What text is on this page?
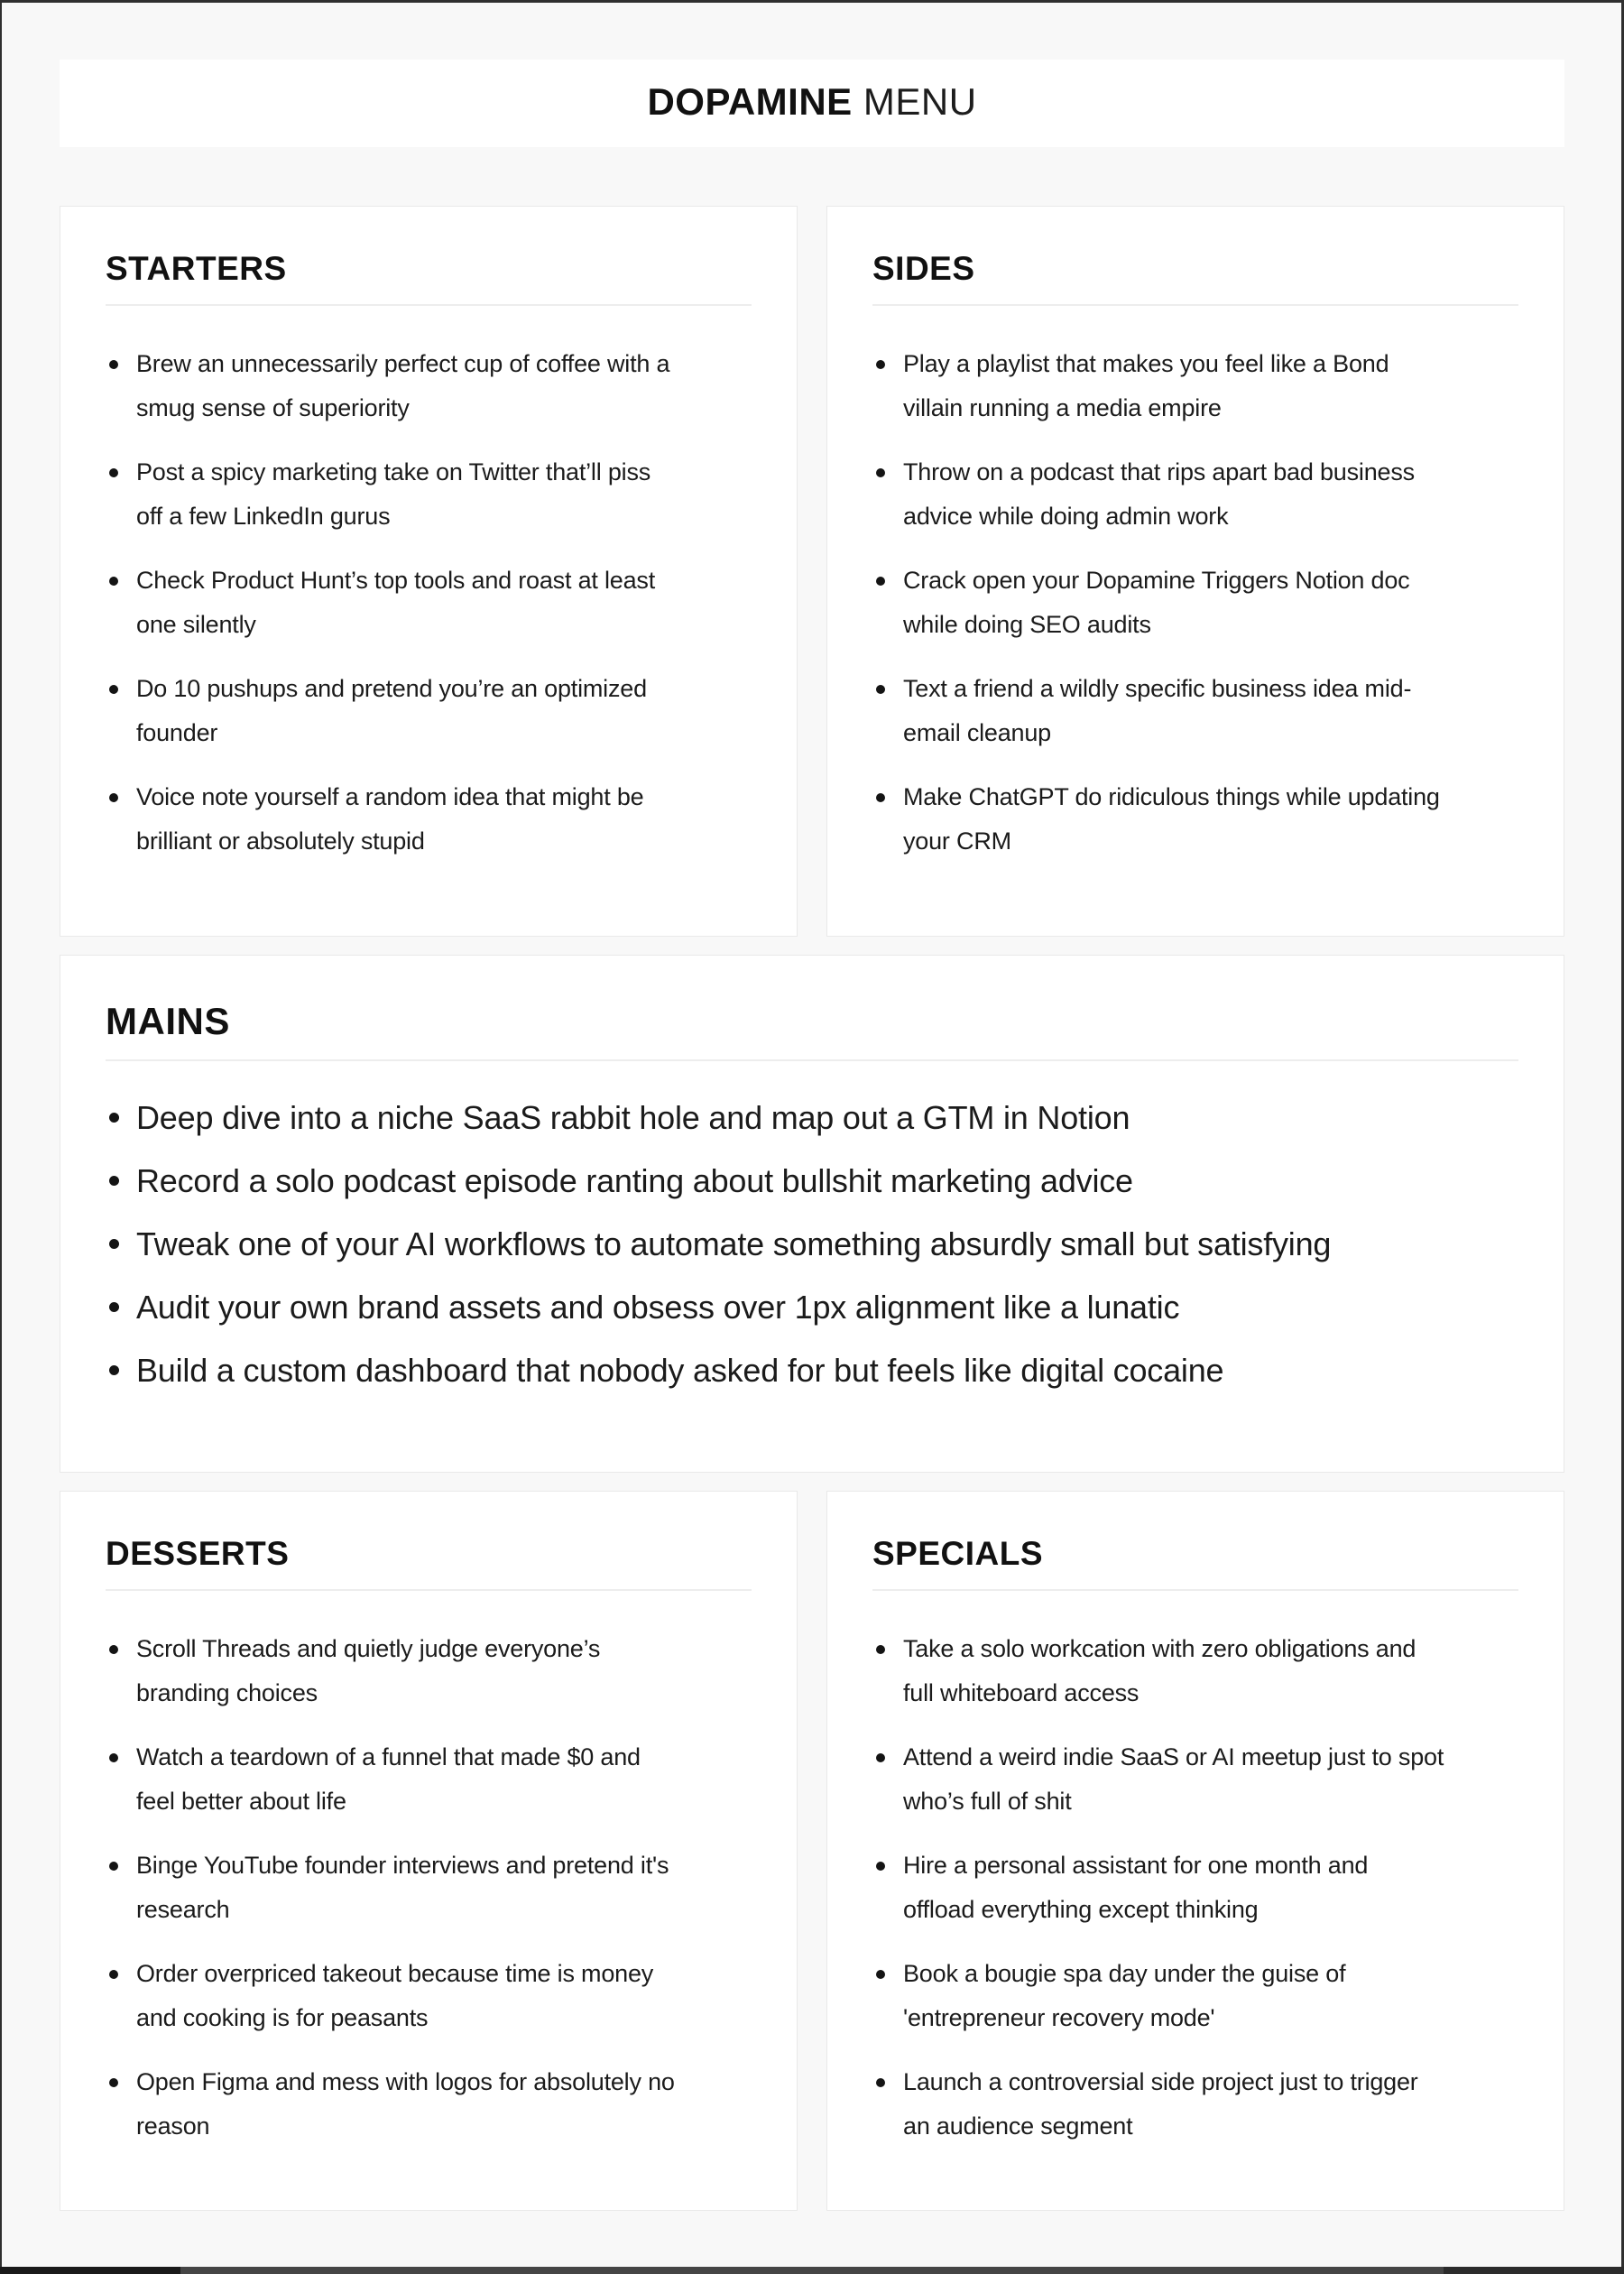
DOPAMINE MENU
STARTERS
Brew an unnecessarily perfect cup of coffee with a smug sense of superiority
Post a spicy marketing take on Twitter that’ll piss off a few LinkedIn gurus
Check Product Hunt’s top tools and roast at least one silently
Do 10 pushups and pretend you’re an optimized founder
Voice note yourself a random idea that might be brilliant or absolutely stupid
SIDES
Play a playlist that makes you feel like a Bond villain running a media empire
Throw on a podcast that rips apart bad business advice while doing admin work
Crack open your Dopamine Triggers Notion doc while doing SEO audits
Text a friend a wildly specific business idea mid-email cleanup
Make ChatGPT do ridiculous things while updating your CRM
MAINS
Deep dive into a niche SaaS rabbit hole and map out a GTM in Notion
Record a solo podcast episode ranting about bullshit marketing advice
Tweak one of your AI workflows to automate something absurdly small but satisfying
Audit your own brand assets and obsess over 1px alignment like a lunatic
Build a custom dashboard that nobody asked for but feels like digital cocaine
DESSERTS
Scroll Threads and quietly judge everyone’s branding choices
Watch a teardown of a funnel that made $0 and feel better about life
Binge YouTube founder interviews and pretend it's research
Order overpriced takeout because time is money and cooking is for peasants
Open Figma and mess with logos for absolutely no reason
SPECIALS
Take a solo workcation with zero obligations and full whiteboard access
Attend a weird indie SaaS or AI meetup just to spot who’s full of shit
Hire a personal assistant for one month and offload everything except thinking
Book a bougie spa day under the guise of 'entrepreneur recovery mode'
Launch a controversial side project just to trigger an audience segment
